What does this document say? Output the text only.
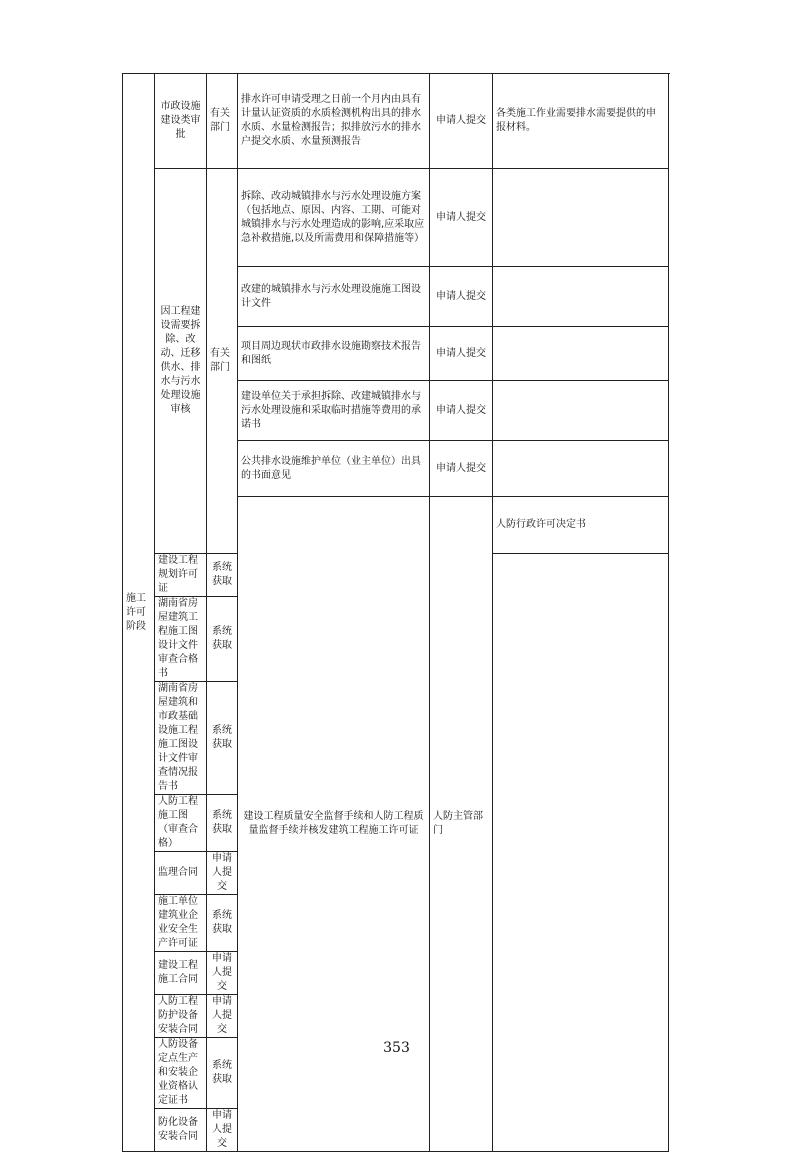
施工许可阶段	市政设施建设类审批	有关部门	排水许可申请受理之日前一个月内由具有计量认证资质的水质检测机构出具的排水水质、水量检测报告；拟排放污水的排水户提交水质、水量预测报告	申请人提交	各类施工作业需要排水需要提供的申报材料。	
	因工程建设需要拆除、改动、迁移供水、排水与污水处理设施审核	有关部门	拆除、改动城镇排水与污水处理设施方案（包括地点、原因、内容、工期、可能对城镇排水与污水处理造成的影响,应采取应急补救措施,以及所需费用和保障措施等）	申请人提交		
			改建的城镇排水与污水处理设施施工图设计文件	申请人提交		
			项目周边现状市政排水设施勘察技术报告和图纸	申请人提交		
			建设单位关于承担拆除、改建城镇排水与污水处理设施和采取临时措施等费用的承诺书	申请人提交		
			公共排水设施维护单位（业主单位）出具的书面意见	申请人提交		
			建设工程质量安全监督手续和人防工程质量监督手续并核发建筑工程施工许可证	人防主管部门	人防行政许可决定书		
	建设工程规划许可证	系统获取				
	湖南省房屋建筑工程施工图设计文件审查合格书	系统获取				
	湖南省房屋建筑和市政基础设施工程施工图设计文件审查情况报告书	系统获取				
	人防工程施工图（审查合格）	系统获取				
	监理合同	申请人提交				
	施工单位建筑业企业安全生产许可证	系统获取				
	建设工程施工合同	申请人提交				
	人防工程防护设备安装合同	申请人提交				
	人防设备定点生产和安装企业资格认定证书	系统获取				
	防化设备安装合同	申请人提交				
353
